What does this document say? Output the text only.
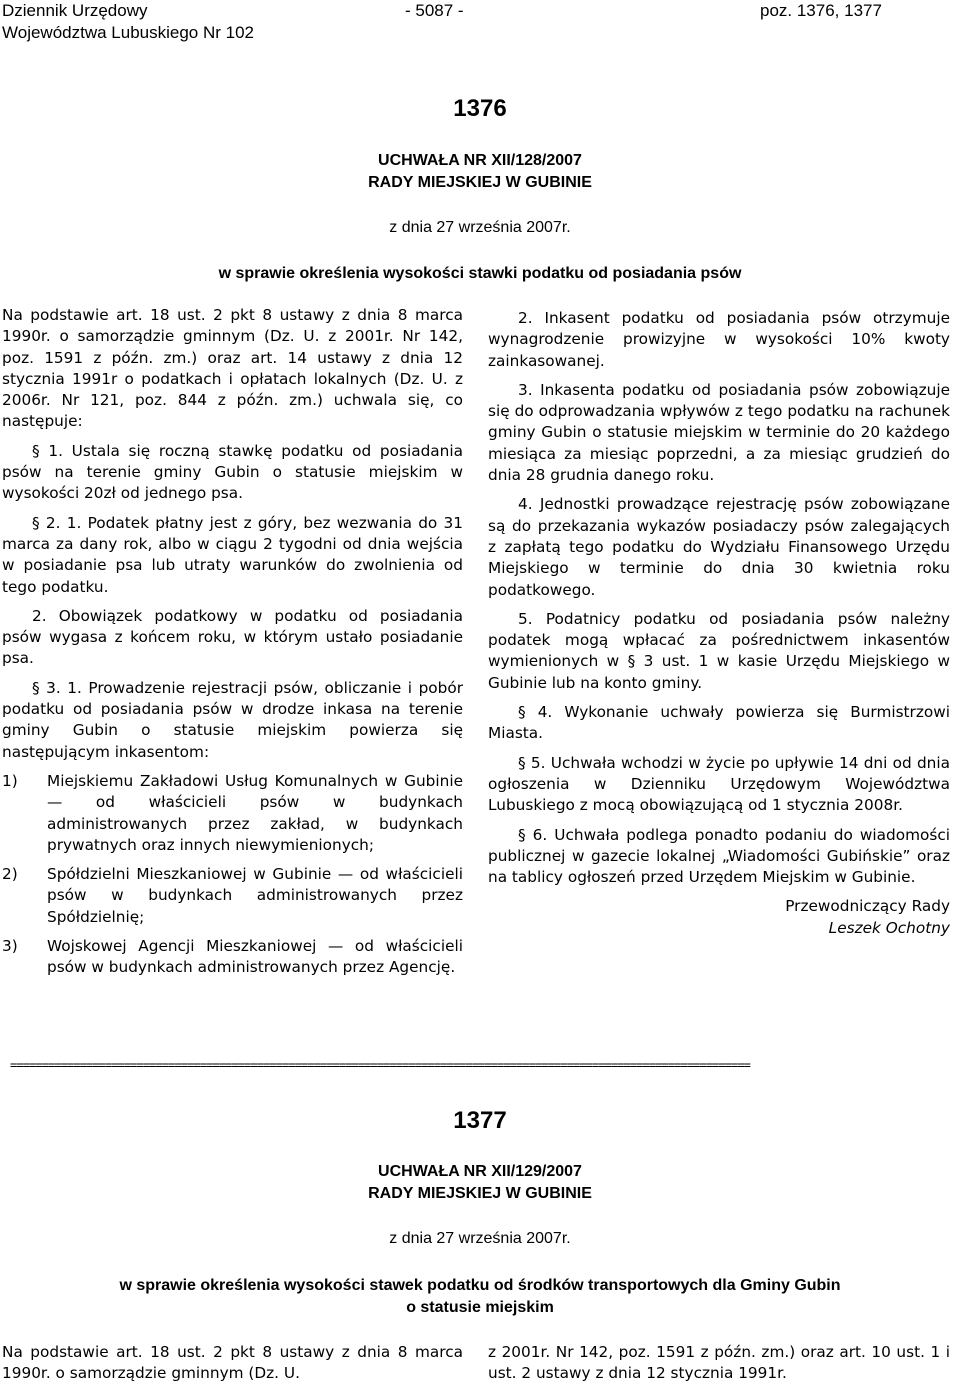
Dziennik Urzędowy
Województwa Lubuskiego Nr 102
- 5087 -	poz. 1376, 1377
1376
UCHWAŁA NR XII/128/2007
RADY MIEJSKIEJ W GUBINIE
z dnia 27 września 2007r.
w sprawie określenia wysokości stawki podatku od posiadania psów

Na podstawie art. 18 ust. 2 pkt 8 ustawy z dnia 8 marca 1990r. o samorządzie gminnym (Dz. U. z 2001r. Nr 142, poz. 1591 z późn. zm.) oraz art. 14 ustawy z dnia 12 stycznia 1991r o podatkach i opłatach lokalnych (Dz. U. z 2006r. Nr 121, poz. 844 z późn. zm.) uchwala się, co następuje:

§ 1. Ustala się roczną stawkę podatku od posiadania psów na terenie gminy Gubin o statusie miejskim w wysokości 20zł od jednego psa.

§ 2. 1. Podatek płatny jest z góry, bez wezwania do 31 marca za dany rok, albo w ciągu 2 tygodni od dnia wejścia w posiadanie psa lub utraty warunków do zwolnienia od tego podatku.

2. Obowiązek podatkowy w podatku od posiadania psów wygasa z końcem roku, w którym ustało posiadanie psa.

§ 3. 1. Prowadzenie rejestracji psów, obliczanie i pobór podatku od posiadania psów w drodze inkasa na terenie gminy Gubin o statusie miejskim powierza się następującym inkasentom:

1)	Miejskiemu Zakładowi Usług Komunalnych w Gubinie — od właścicieli psów w budynkach administrowanych przez zakład, w budynkach prywatnych oraz innych niewymienionych;
2)	Spółdzielni Mieszkaniowej w Gubinie — od właścicieli psów w budynkach administrowanych przez Spółdzielnię;
3)	Wojskowej Agencji Mieszkaniowej — od właścicieli psów w budynkach administrowanych przez Agencję.

2. Inkasent podatku od posiadania psów otrzymuje wynagrodzenie prowizyjne w wysokości 10% kwoty zainkasowanej.

3. Inkasenta podatku od posiadania psów zobowiązuje się do odprowadzania wpływów z tego podatku na rachunek gminy Gubin o statusie miejskim w terminie do 20 każdego miesiąca za miesiąc poprzedni, a za miesiąc grudzień do dnia 28 grudnia danego roku.

4. Jednostki prowadzące rejestrację psów zobowiązane są do przekazania wykazów posiadaczy psów zalegających z zapłatą tego podatku do Wydziału Finansowego Urzędu Miejskiego w terminie do dnia 30 kwietnia roku podatkowego.

5. Podatnicy podatku od posiadania psów należny podatek mogą wpłacać za pośrednictwem inkasentów wymienionych w § 3 ust. 1 w kasie Urzędu Miejskiego w Gubinie lub na konto gminy.

§ 4. Wykonanie uchwały powierza się Burmistrzowi Miasta.

§ 5. Uchwała wchodzi w życie po upływie 14 dni od dnia ogłoszenia w Dzienniku Urzędowym Województwa Lubuskiego z mocą obowiązującą od 1 stycznia 2008r.

§ 6. Uchwała podlega ponadto podaniu do wiadomości publicznej w gazecie lokalnej „Wiadomości Gubińskie” oraz na tablicy ogłoszeń przed Urzędem Miejskim w Gubinie.

Przewodniczący Rady
Leszek Ochotny
=====================================================================================================================
1377
UCHWAŁA NR XII/129/2007
RADY MIEJSKIEJ W GUBINIE
z dnia 27 września 2007r.
w sprawie określenia wysokości stawek podatku od środków transportowych dla Gminy Gubin
o statusie miejskim

Na podstawie art. 18 ust. 2 pkt 8 ustawy z dnia 8 marca 1990r. o samorządzie gminnym (Dz. U.

z 2001r. Nr 142, poz. 1591 z późn. zm.) oraz art. 10 ust. 1 i ust. 2 ustawy z dnia 12 stycznia 1991r.
